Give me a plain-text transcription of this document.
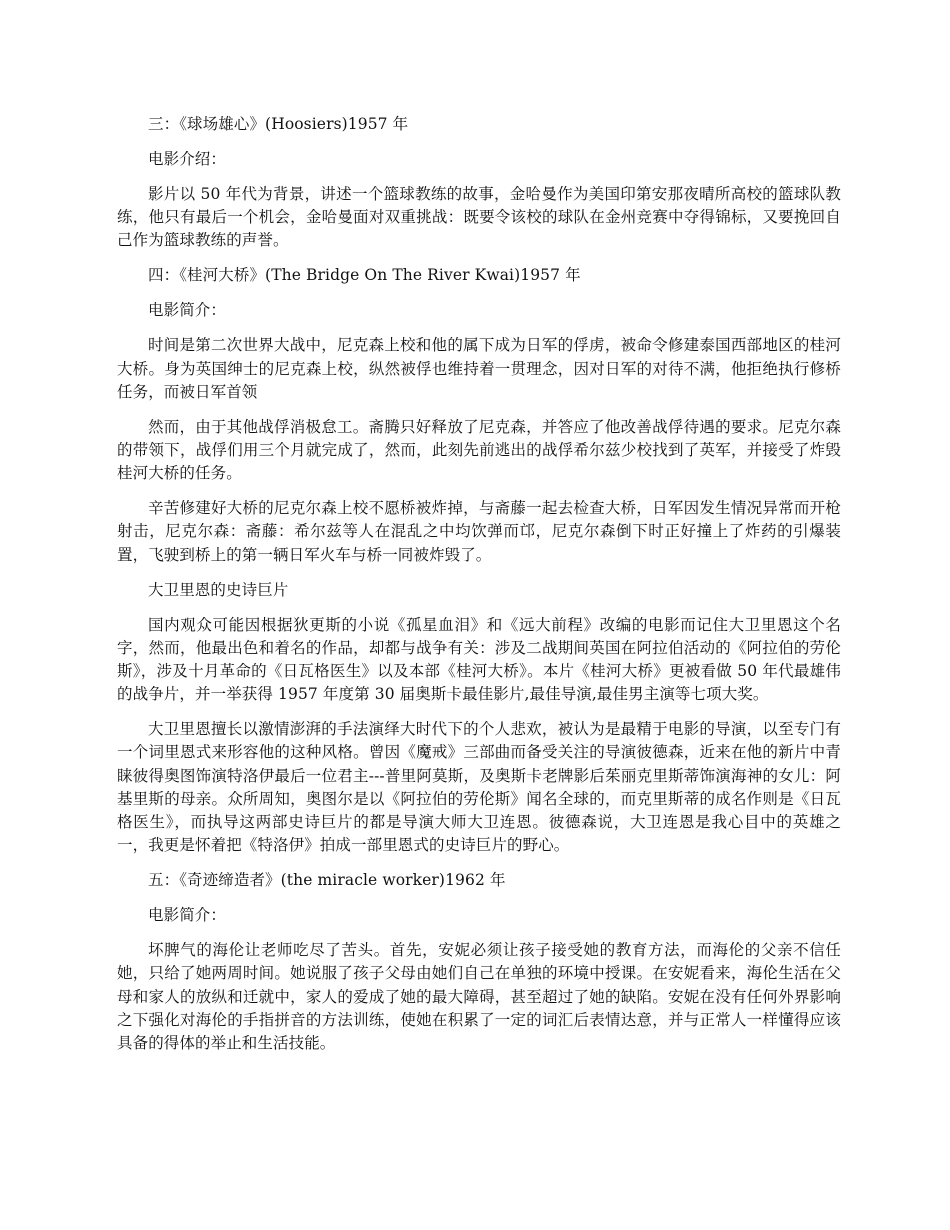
三：《球场雄心》(Hoosiers)1957 年

电影介绍：

影片以 50 年代为背景，讲述一个篮球教练的故事，金哈曼作为美国印第安那夜晴所高校的篮球队教练，他只有最后一个机会，金哈曼面对双重挑战：既要令该校的球队在金州竞赛中夺得锦标，又要挽回自己作为篮球教练的声誉。

四：《桂河大桥》(The Bridge On The River Kwai)1957 年

电影简介：

时间是第二次世界大战中，尼克森上校和他的属下成为日军的俘虏，被命令修建泰国西部地区的桂河大桥。身为英国绅士的尼克森上校，纵然被俘也维持着一贯理念，因对日军的对待不满，他拒绝执行修桥任务，而被日军首领

然而，由于其他战俘消极怠工。斋腾只好释放了尼克森，并答应了他改善战俘待遇的要求。尼克尔森的带领下，战俘们用三个月就完成了，然而，此刻先前逃出的战俘希尔兹少校找到了英军，并接受了炸毁桂河大桥的任务。

辛苦修建好大桥的尼克尔森上校不愿桥被炸掉，与斋藤一起去检查大桥，日军因发生情况异常而开枪射击，尼克尔森：斋藤：希尔兹等人在混乱之中均饮弹而邙，尼克尔森倒下时正好撞上了炸药的引爆装置，飞驶到桥上的第一辆日军火车与桥一同被炸毁了。

大卫里恩的史诗巨片

国内观众可能因根据狄更斯的小说《孤星血泪》和《远大前程》改编的电影而记住大卫里恩这个名字，然而，他最出色和着名的作品，却都与战争有关：涉及二战期间英国在阿拉伯活动的《阿拉伯的劳伦斯》，涉及十月革命的《日瓦格医生》以及本部《桂河大桥》。本片《桂河大桥》更被看做 50 年代最雄伟的战争片，并一举获得 1957 年度第 30 届奥斯卡最佳影片,最佳导演,最佳男主演等七项大奖。

大卫里恩擅长以激情澎湃的手法演绎大时代下的个人悲欢，被认为是最精于电影的导演，以至专门有一个词里恩式来形容他的这种风格。曾因《魔戒》三部曲而备受关注的导演彼德森，近来在他的新片中青睐彼得奥图饰演特洛伊最后一位君主---普里阿莫斯，及奥斯卡老牌影后茱丽克里斯蒂饰演海神的女儿：阿基里斯的母亲。众所周知，奥图尔是以《阿拉伯的劳伦斯》闻名全球的，而克里斯蒂的成名作则是《日瓦格医生》，而执导这两部史诗巨片的都是导演大师大卫连恩。彼德森说，大卫连恩是我心目中的英雄之一，我更是怀着把《特洛伊》拍成一部里恩式的史诗巨片的野心。

五：《奇迹缔造者》(the miracle worker)1962 年

电影简介：

坏脾气的海伦让老师吃尽了苦头。首先，安妮必须让孩子接受她的教育方法，而海伦的父亲不信任她，只给了她两周时间。她说服了孩子父母由她们自己在单独的环境中授课。在安妮看来，海伦生活在父母和家人的放纵和迁就中，家人的爱成了她的最大障碍，甚至超过了她的缺陷。安妮在没有任何外界影响之下强化对海伦的手指拼音的方法训练，使她在积累了一定的词汇后表情达意，并与正常人一样懂得应该具备的得体的举止和生活技能。
